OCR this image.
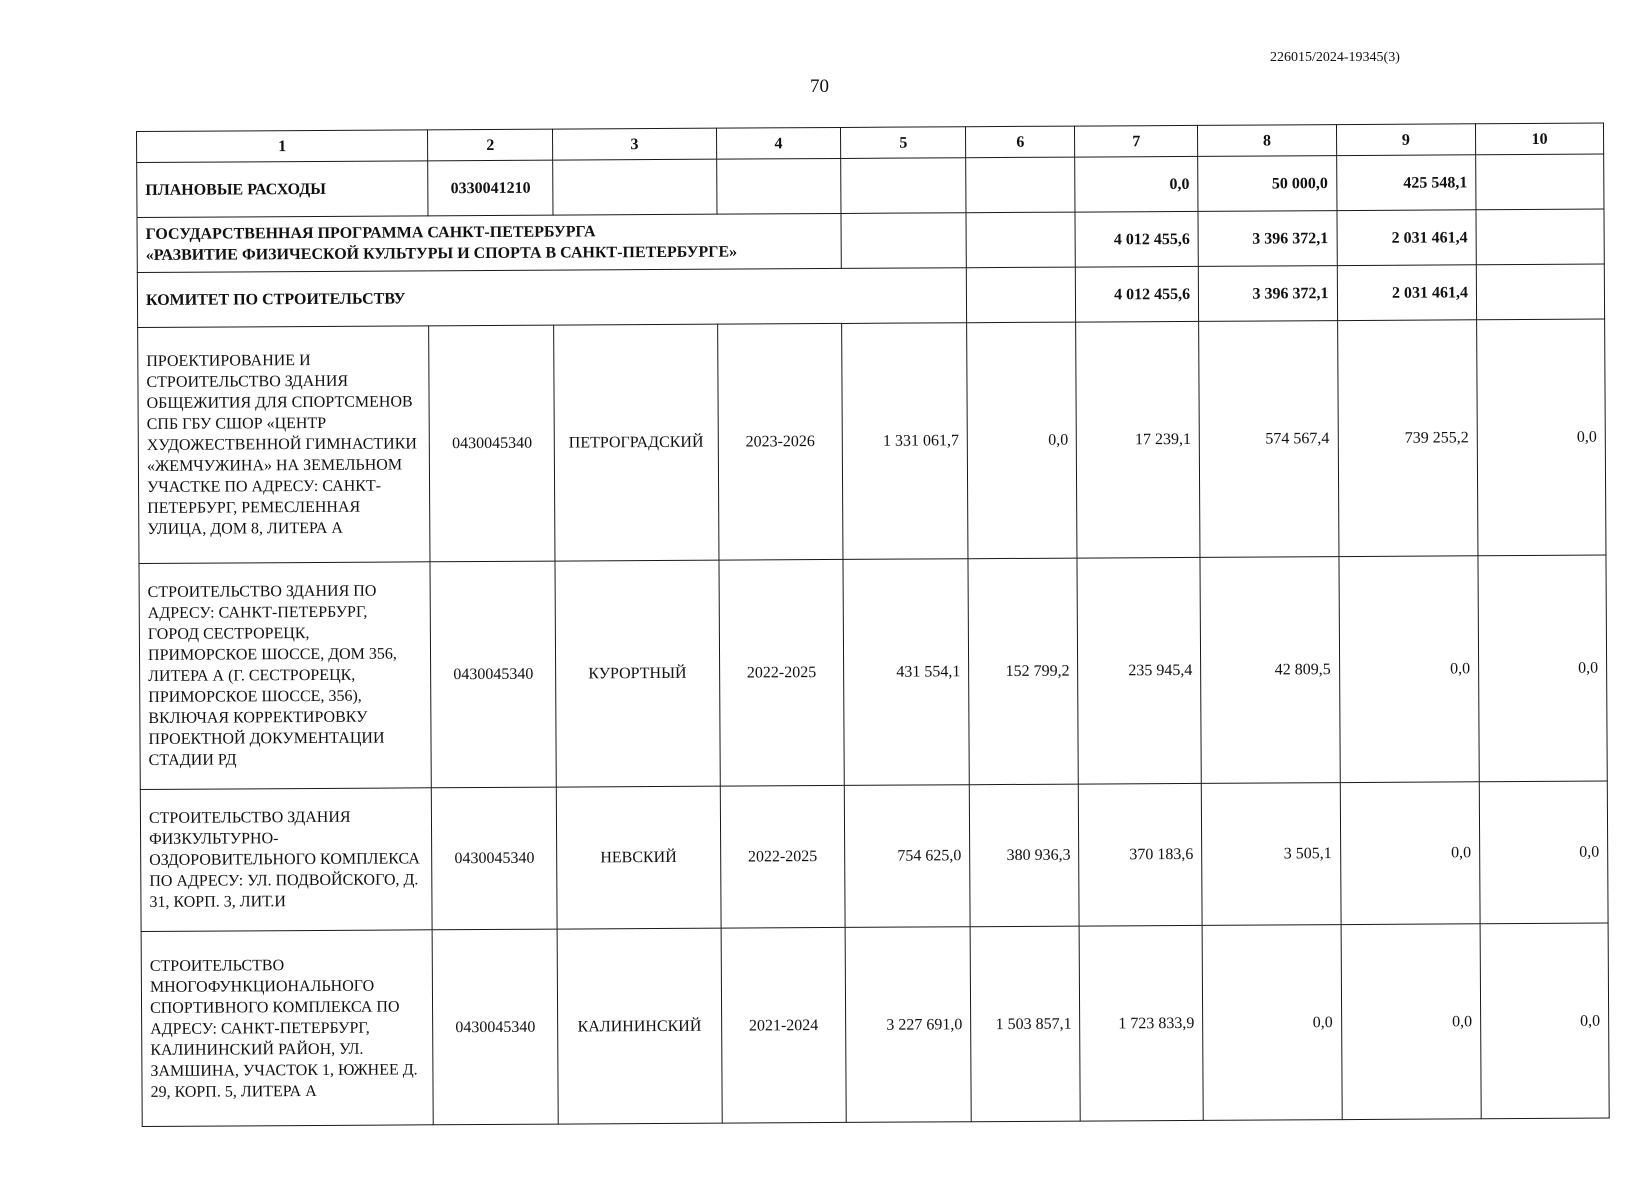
226015/2024-19345(3)
70
1	2	3	4	5	6	7	8	9	10
ПЛАНОВЫЕ РАСХОДЫ	0330041210					0,0	50 000,0	425 548,1	

ГОСУДАРСТВЕННАЯ ПРОГРАММА САНКТ-ПЕТЕРБУРГА
«РАЗВИТИЕ ФИЗИЧЕСКОЙ КУЛЬТУРЫ И СПОРТА В САНКТ-ПЕТЕРБУРГЕ»						4 012 455,6	3 396 372,1	2 031 461,4	
КОМИТЕТ ПО СТРОИТЕЛЬСТВУ						4 012 455,6	3 396 372,1	2 031 461,4	
ПРОЕКТИРОВАНИЕ И СТРОИТЕЛЬСТВО ЗДАНИЯ ОБЩЕЖИТИЯ ДЛЯ СПОРТСМЕНОВ СПБ ГБУ СШОР «ЦЕНТР ХУДОЖЕСТВЕННОЙ ГИМНАСТИКИ «ЖЕМЧУЖИНА» НА ЗЕМЕЛЬНОМ УЧАСТКЕ ПО АДРЕСУ: САНКТ-ПЕТЕРБУРГ, РЕМЕСЛЕННАЯ УЛИЦА, ДОМ 8, ЛИТЕРА А	0430045340	ПЕТРОГРАДСКИЙ	2023-2026	1 331 061,7	0,0	17 239,1	574 567,4	739 255,2	0,0
СТРОИТЕЛЬСТВО ЗДАНИЯ ПО АДРЕСУ: САНКТ-ПЕТЕРБУРГ, ГОРОД СЕСТРОРЕЦК, ПРИМОРСКОЕ ШОССЕ, ДОМ 356, ЛИТЕРА А (Г. СЕСТРОРЕЦК, ПРИМОРСКОЕ ШОССЕ, 356), ВКЛЮЧАЯ КОРРЕКТИРОВКУ ПРОЕКТНОЙ ДОКУМЕНТАЦИИ СТАДИИ РД	0430045340	КУРОРТНЫЙ	2022-2025	431 554,1	152 799,2	235 945,4	42 809,5	0,0	0,0
СТРОИТЕЛЬСТВО ЗДАНИЯ ФИЗКУЛЬТУРНО-ОЗДОРОВИТЕЛЬНОГО КОМПЛЕКСА ПО АДРЕСУ: УЛ. ПОДВОЙСКОГО, Д. 31, КОРП. 3, ЛИТ.И	0430045340	НЕВСКИЙ	2022-2025	754 625,0	380 936,3	370 183,6	3 505,1	0,0	0,0
СТРОИТЕЛЬСТВО МНОГОФУНКЦИОНАЛЬНОГО СПОРТИВНОГО КОМПЛЕКСА ПО АДРЕСУ: САНКТ-ПЕТЕРБУРГ, КАЛИНИНСКИЙ РАЙОН, УЛ. ЗАМШИНА, УЧАСТОК 1, ЮЖНЕЕ Д. 29, КОРП. 5, ЛИТЕРА А	0430045340	КАЛИНИНСКИЙ	2021-2024	3 227 691,0	1 503 857,1	1 723 833,9	0,0	0,0	0,0
